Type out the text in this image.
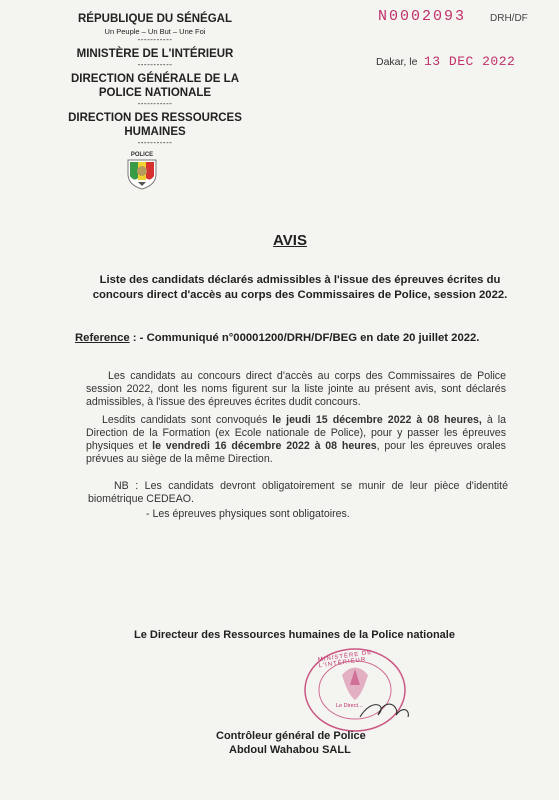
RÉPUBLIQUE DU SÉNÉGAL
Un Peuple – Un But – Une Foi
-----------
MINISTÈRE DE L'INTÉRIEUR
-----------
DIRECTION GÉNÉRALE DE LA
POLICE NATIONALE
-----------
DIRECTION DES RESSOURCES
HUMAINES
-----------
POLICE
N0002093 DRH/DF
Dakar, le 13 DEC 2022
AVIS
Liste des candidats déclarés admissibles à l'issue des épreuves écrites du
concours direct d'accès au corps des Commissaires de Police, session 2022.
Reference : - Communiqué n°00001200/DRH/DF/BEG en date 20 juillet 2022.
Les candidats au concours direct d'accès au corps des Commissaires de Police session 2022, dont les noms figurent sur la liste jointe au présent avis, sont déclarés admissibles, à l'issue des épreuves écrites dudit concours.
Lesdits candidats sont convoqués le jeudi 15 décembre 2022 à 08 heures, à la Direction de la Formation (ex Ecole nationale de Police), pour y passer les épreuves physiques et le vendredi 16 décembre 2022 à 08 heures, pour les épreuves orales prévues au siège de la même Direction.
NB : Les candidats devront obligatoirement se munir de leur pièce d'identité biométrique CEDEAO.
- Les épreuves physiques sont obligatoires.
Le Directeur des Ressources humaines de la Police nationale
MINISTÈRE DE L'INTÉRIEUR
Le Direct...
Contrôleur général de Police
Abdoul Wahabou SALL
